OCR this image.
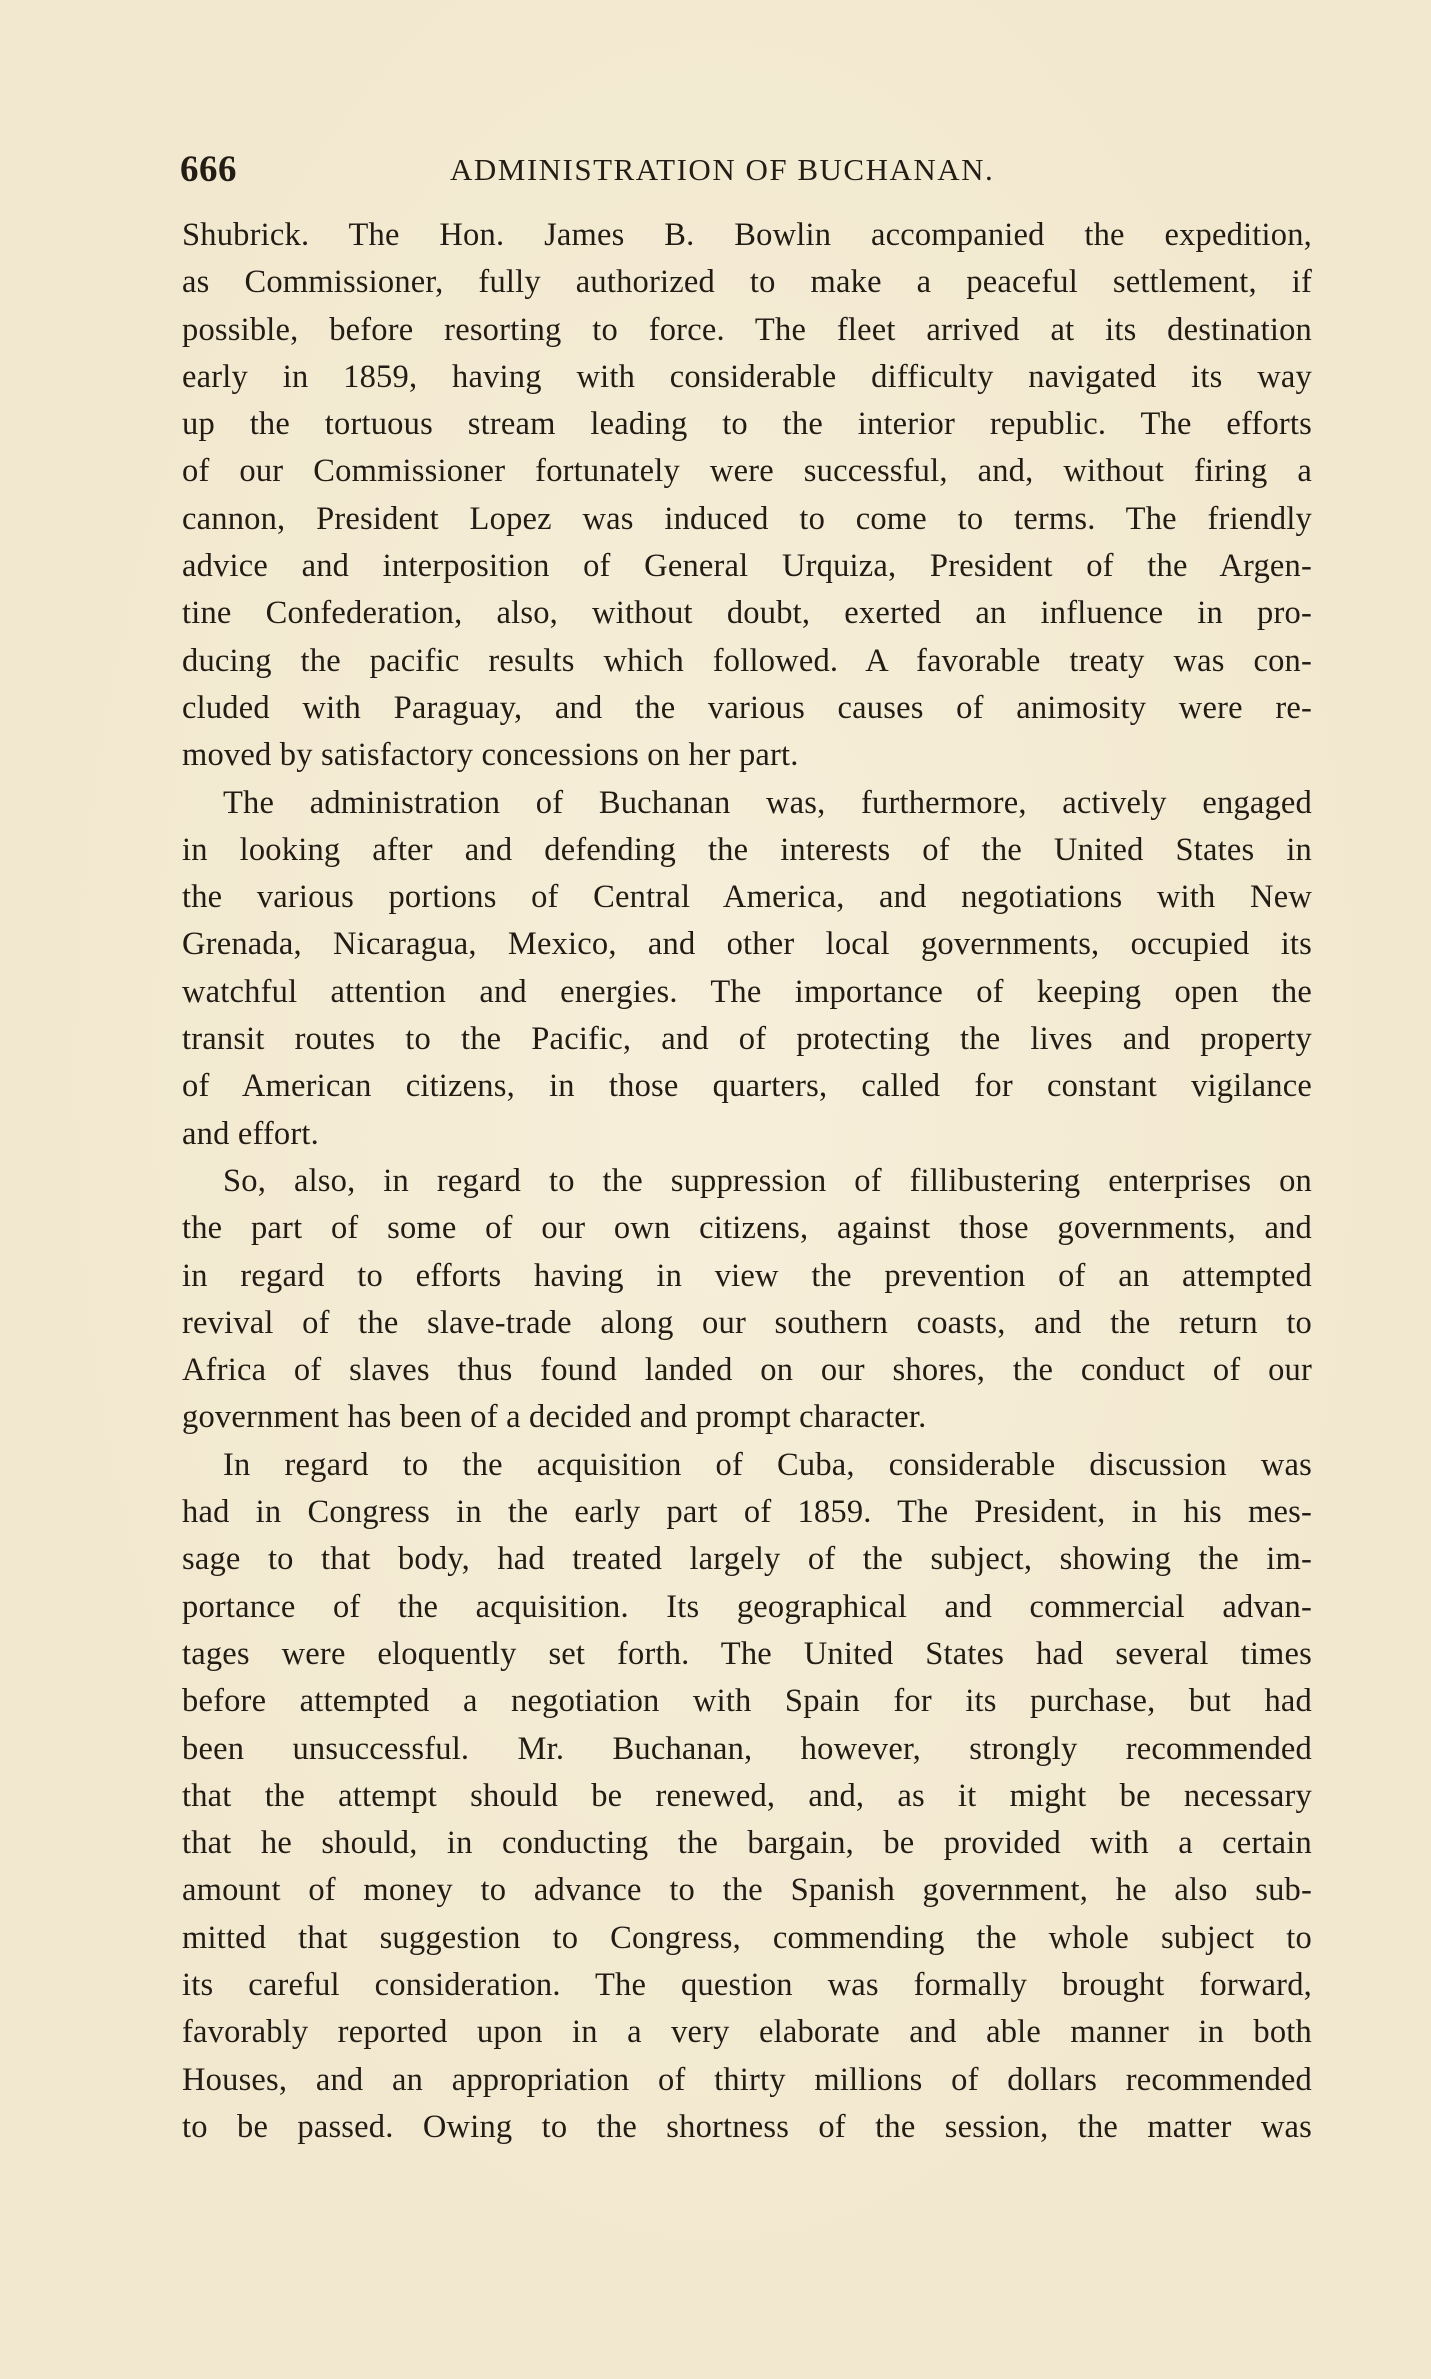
666	ADMINISTRATION OF BUCHANAN.
Shubrick. The Hon. James B. Bowlin accompanied the expedition,
as Commissioner, fully authorized to make a peaceful settlement, if
possible, before resorting to force. The fleet arrived at its destination
early in 1859, having with considerable difficulty navigated its way
up the tortuous stream leading to the interior republic. The efforts
of our Commissioner fortunately were successful, and, without firing a
cannon, President Lopez was induced to come to terms. The friendly
advice and interposition of General Urquiza, President of the Argen-
tine Confederation, also, without doubt, exerted an influence in pro-
ducing the pacific results which followed. A favorable treaty was con-
cluded with Paraguay, and the various causes of animosity were re-
moved by satisfactory concessions on her part.
The administration of Buchanan was, furthermore, actively engaged
in looking after and defending the interests of the United States in
the various portions of Central America, and negotiations with New
Grenada, Nicaragua, Mexico, and other local governments, occupied its
watchful attention and energies. The importance of keeping open the
transit routes to the Pacific, and of protecting the lives and property
of American citizens, in those quarters, called for constant vigilance
and effort.
So, also, in regard to the suppression of fillibustering enterprises on
the part of some of our own citizens, against those governments, and
in regard to efforts having in view the prevention of an attempted
revival of the slave-trade along our southern coasts, and the return to
Africa of slaves thus found landed on our shores, the conduct of our
government has been of a decided and prompt character.
In regard to the acquisition of Cuba, considerable discussion was
had in Congress in the early part of 1859. The President, in his mes-
sage to that body, had treated largely of the subject, showing the im-
portance of the acquisition. Its geographical and commercial advan-
tages were eloquently set forth. The United States had several times
before attempted a negotiation with Spain for its purchase, but had
been unsuccessful. Mr. Buchanan, however, strongly recommended
that the attempt should be renewed, and, as it might be necessary
that he should, in conducting the bargain, be provided with a certain
amount of money to advance to the Spanish government, he also sub-
mitted that suggestion to Congress, commending the whole subject to
its careful consideration. The question was formally brought forward,
favorably reported upon in a very elaborate and able manner in both
Houses, and an appropriation of thirty millions of dollars recommended
to be passed. Owing to the shortness of the session, the matter was
